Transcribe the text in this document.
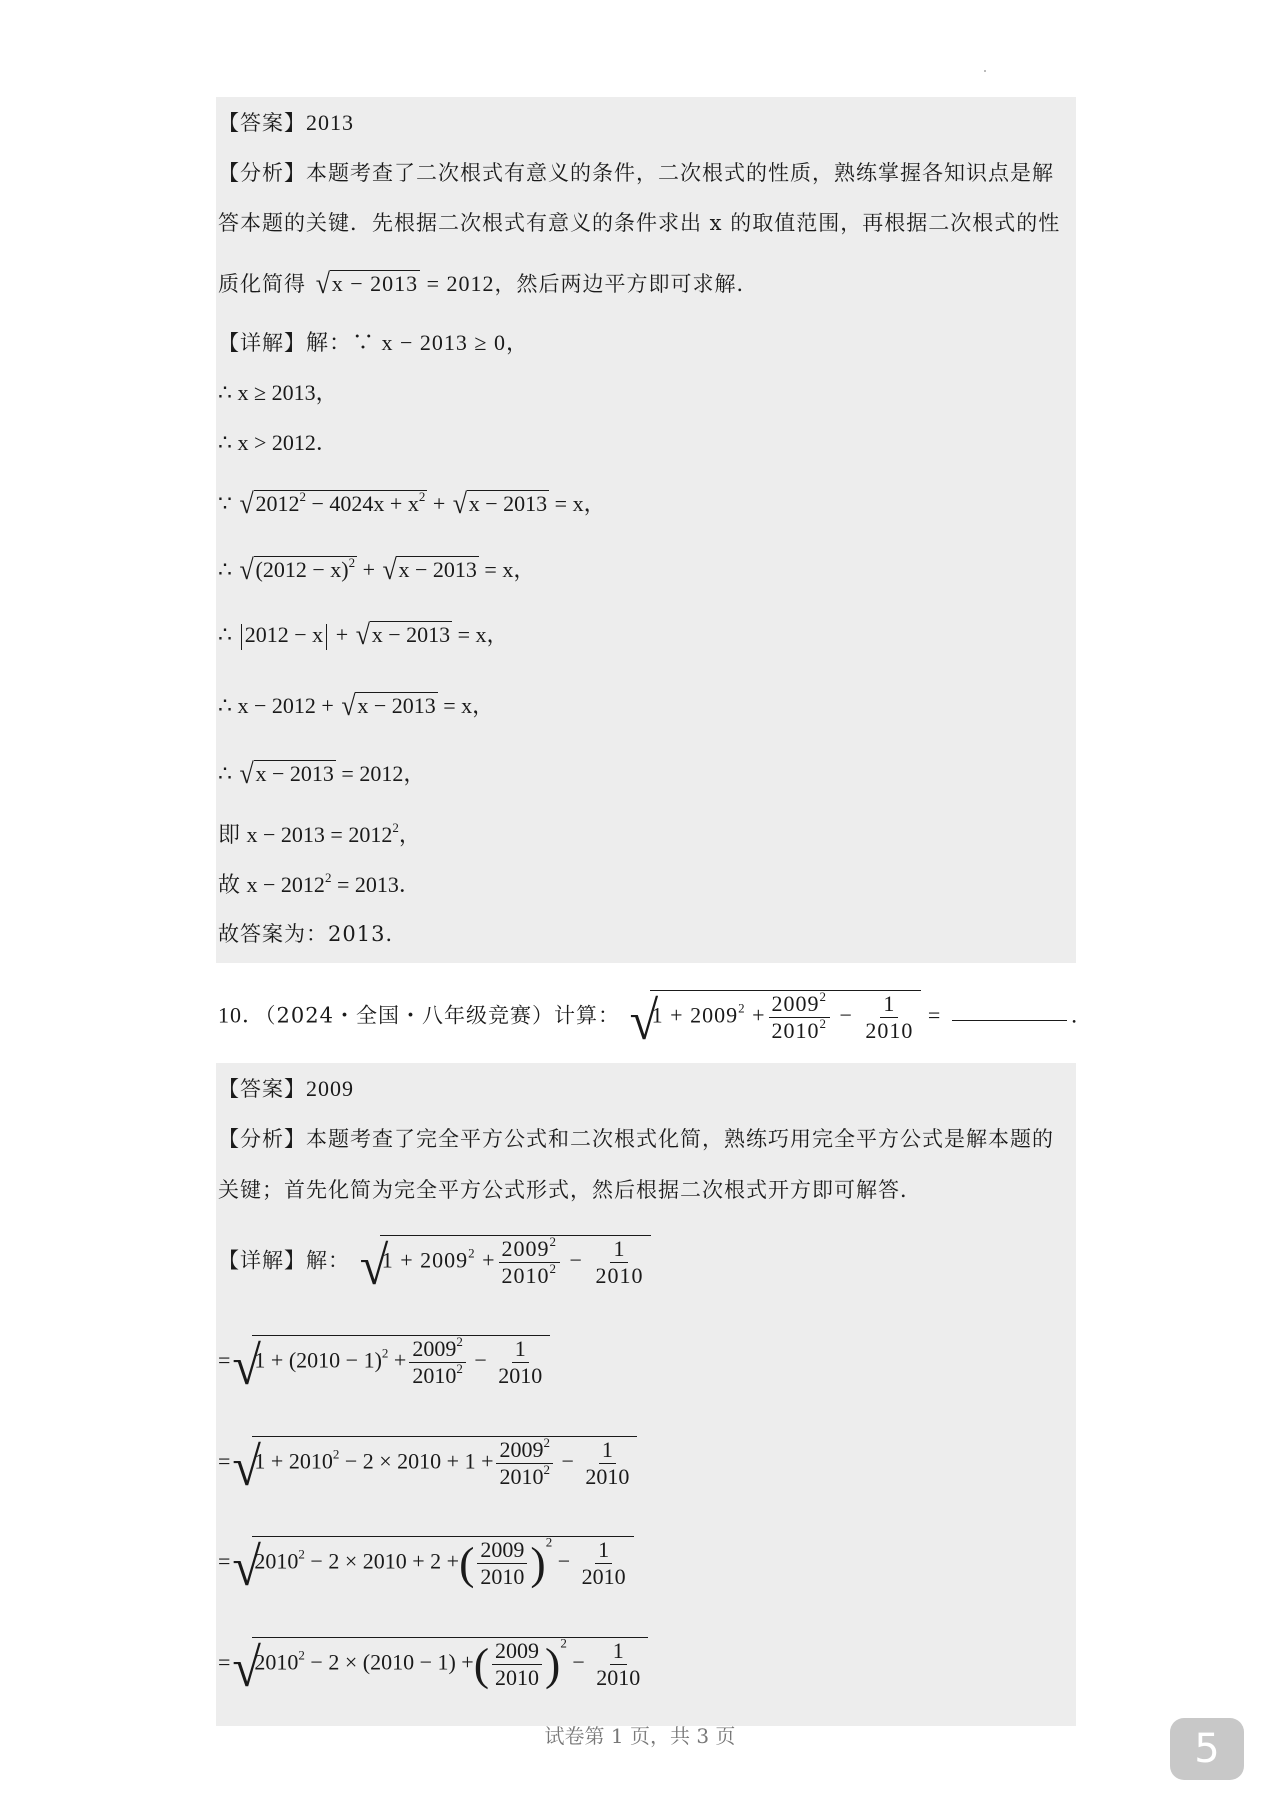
【答案】2013
【分析】本题考查了二次根式有意义的条件，二次根式的性质，熟练掌握各知识点是解
答本题的关键．先根据二次根式有意义的条件求出 x 的取值范围，再根据二次根式的性
质化简得 √ x − 2013 = 2012，然后两边平方即可求解．
【详解】解：∵ x − 2013 ≥ 0，
∴ x ≥ 2013，
∴ x > 2012．
∵ √ $2012^2 - 4024x + x^2$ + √ x − 2013 = x，
∴ √ $(2012 - x)^2$ + √ x − 2013 = x，
∴ 2012 − x + √ x − 2013 = x，
∴ x − 2012 + √ x − 2013 = x，
∴ √ x − 2013 = 2012，
即 $x - 2013 = 2012^2$，
故 $x - 2012^2 = 2013$．
故答案为：2013．
10．（2024・全国・八年级竞赛）计算： √
$1 + 2009^2 + \frac{2009^2}{2010^2} - \frac{1}{2010}$ =	．
【答案】2009
【分析】本题考查了完全平方公式和二次根式化简，熟练巧用完全平方公式是解本题的
关键；首先化简为完全平方公式形式，然后根据二次根式开方即可解答．
【详解】解： √
$1 + 2009^2 + \frac{2009^2}{2010^2} - \frac{1}{2010}$
= √
$1 + (2010 - 1)^2 + \frac{2009^2}{2010^2} - \frac{1}{2010}$
= √
$1 + 2010^2 - 2 \times 2010 + 1 + \frac{2009^2}{2010^2} - \frac{1}{2010}$
= √
$2010^2 - 2 \times 2010 + 2$ +( $\frac{2009}{2010} )^2 - \frac{1}{2010}$
= √
$2010^2 - 2 \times (2010 - 1)$ +( $\frac{2009}{2010} )^2 - \frac{1}{2010}$
试卷第 1 页，共 3 页	5
